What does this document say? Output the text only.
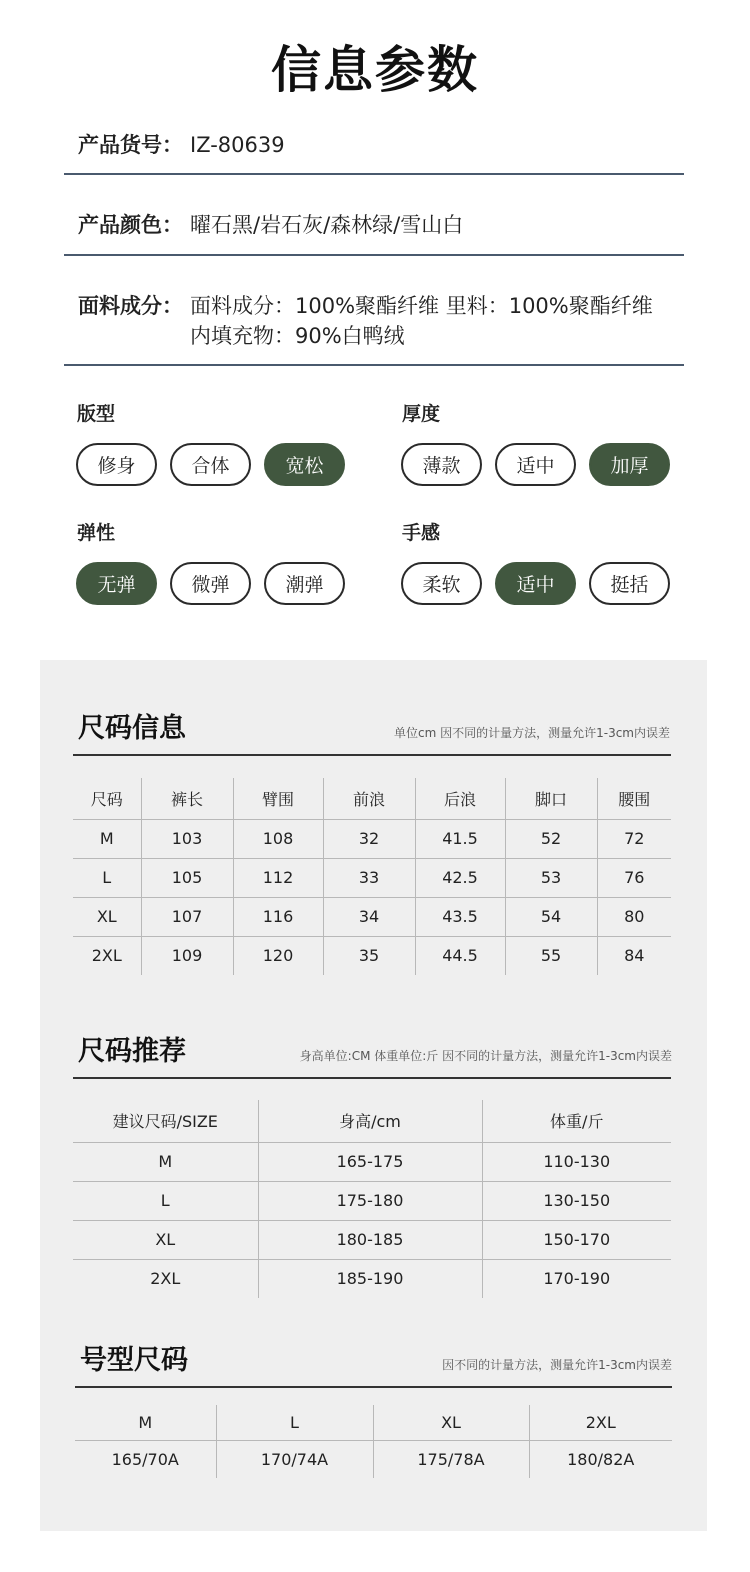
信息参数
产品货号： IZ-80639
产品颜色： 曜石黑/岩石灰/森林绿/雪山白
面料成分： 面料成分：100%聚酯纤维 里料：100%聚酯纤维
内填充物：90%白鸭绒
版型
修身	合体	宽松
厚度
薄款	适中	加厚
弹性
无弹	微弹	潮弹
手感
柔软	适中	挺括
尺码信息	单位cm 因不同的计量方法，测量允许1-3cm内误差
尺码	裤长	臂围	前浪	后浪	脚口	腰围
M	103	108	32	41.5	52	72
L	105	112	33	42.5	53	76
XL	107	116	34	43.5	54	80
2XL	109	120	35	44.5	55	84
尺码推荐	身高单位:CM 体重单位:斤 因不同的计量方法，测量允许1-3cm内误差
建议尺码/SIZE	身高/cm	体重/斤
M	165-175	110-130
L	175-180	130-150
XL	180-185	150-170
2XL	185-190	170-190
号型尺码	因不同的计量方法，测量允许1-3cm内误差
M	L	XL	2XL
165/70A	170/74A	175/78A	180/82A
